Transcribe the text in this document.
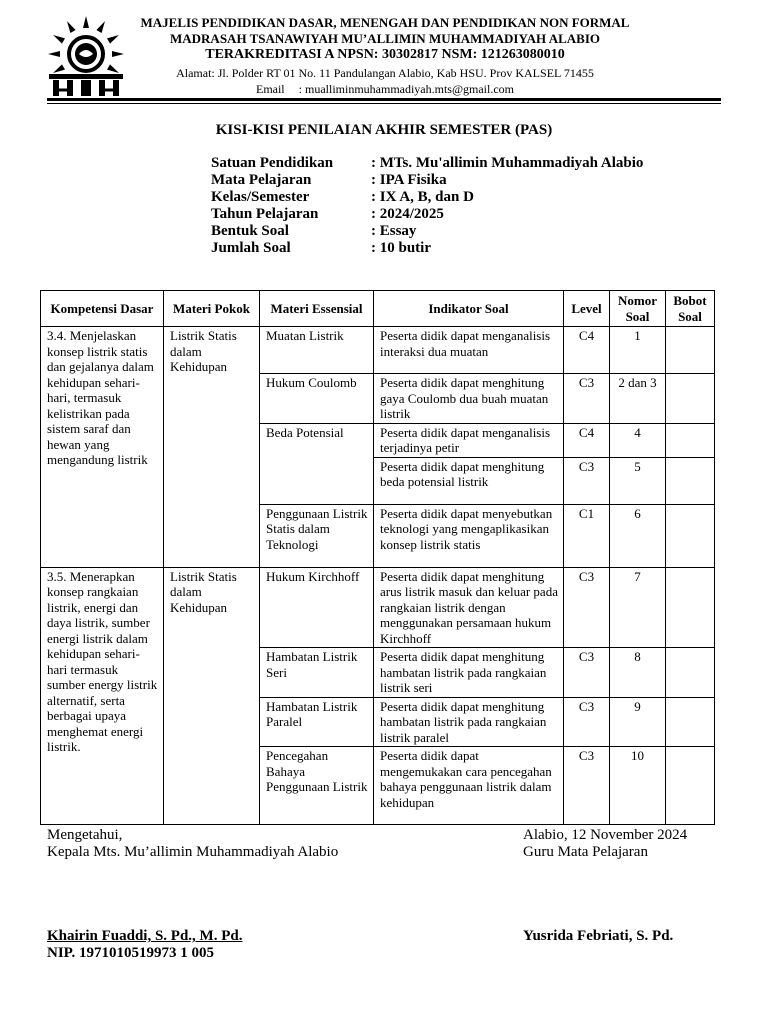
MAJELIS PENDIDIKAN DASAR, MENENGAH DAN PENDIDIKAN NON FORMAL
MADRASAH TSANAWIYAH MU’ALLIMIN MUHAMMADIYAH ALABIO
TERAKREDITASI A NPSN: 30302817 NSM: 121263080010
Alamat: Jl. Polder RT 01 No. 11 Pandulangan Alabio, Kab HSU. Prov KALSEL 71455
Email : mualliminmuhammadiyah.mts@gmail.com
KISI-KISI PENILAIAN AKHIR SEMESTER (PAS)
Satuan Pendidikan	: MTs. Mu'allimin Muhammadiyah Alabio
Mata Pelajaran	: IPA Fisika
Kelas/Semester	: IX A, B, dan D
Tahun Pelajaran	: 2024/2025
Bentuk Soal	: Essay
Jumlah Soal	: 10 butir
Kompetensi Dasar	Materi Pokok	Materi Essensial	Indikator Soal	Level	Nomor Soal	Bobot Soal
3.4. Menjelaskan konsep listrik statis dan gejalanya dalam kehidupan sehari-hari, termasuk kelistrikan pada sistem saraf dan hewan yang mengandung listrik	Listrik Statis dalam Kehidupan	Muatan Listrik	Peserta didik dapat menganalisis interaksi dua muatan	C4	1	
		Hukum Coulomb	Peserta didik dapat menghitung gaya Coulomb dua buah muatan listrik	C3	2 dan 3	
		Beda Potensial	Peserta didik dapat menganalisis terjadinya petir	C4	4	
			Peserta didik dapat menghitung beda potensial listrik	C3	5	
		Penggunaan Listrik Statis dalam Teknologi	Peserta didik dapat menyebutkan teknologi yang mengaplikasikan konsep listrik statis	C1	6	
3.5. Menerapkan konsep rangkaian listrik, energi dan daya listrik, sumber energi listrik dalam kehidupan sehari-hari termasuk sumber energy listrik alternatif, serta berbagai upaya menghemat energi listrik.	Listrik Statis dalam Kehidupan	Hukum Kirchhoff	Peserta didik dapat menghitung arus listrik masuk dan keluar pada rangkaian listrik dengan menggunakan persamaan hukum Kirchhoff	C3	7	
		Hambatan Listrik Seri	Peserta didik dapat menghitung hambatan listrik pada rangkaian listrik seri	C3	8	
		Hambatan Listrik Paralel	Peserta didik dapat menghitung hambatan listrik pada rangkaian listrik paralel	C3	9	
		Pencegahan Bahaya Penggunaan Listrik	Peserta didik dapat mengemukakan cara pencegahan bahaya penggunaan listrik dalam kehidupan	C3	10	
Mengetahui,
Kepala Mts. Mu’allimin Muhammadiyah Alabio
Alabio, 12 November 2024
Guru Mata Pelajaran
Khairin Fuaddi, S. Pd., M. Pd.
NIP. 1971010519973 1 005
Yusrida Febriati, S. Pd.
